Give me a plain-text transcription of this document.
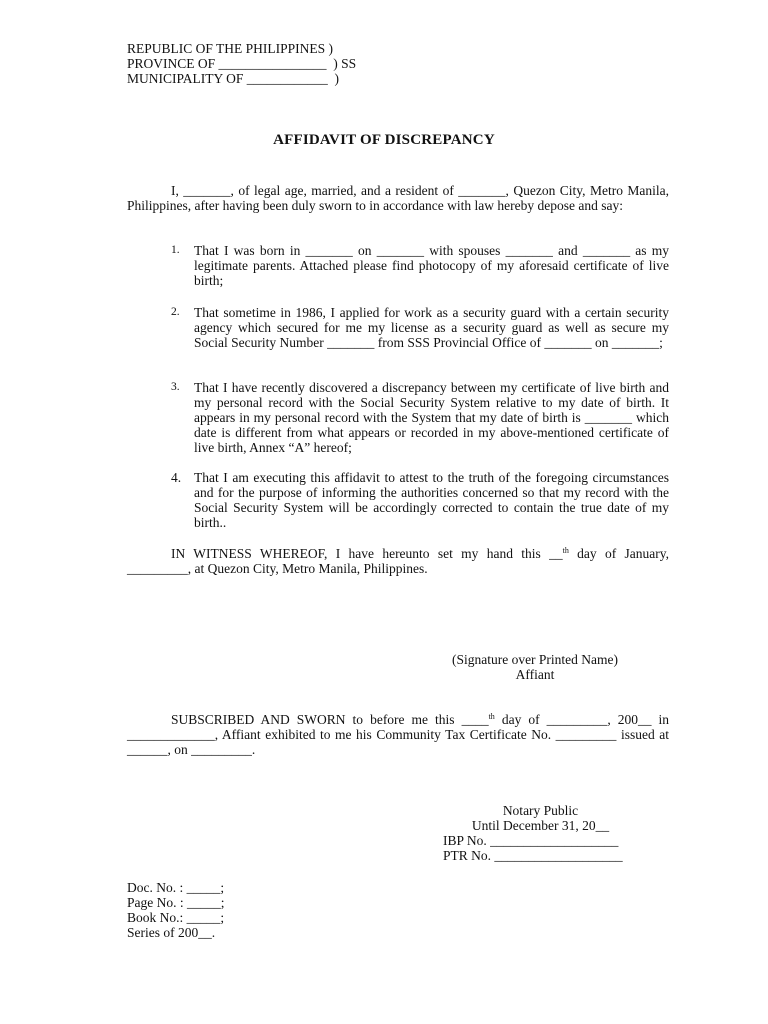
REPUBLIC OF THE PHILIPPINES )
PROVINCE OF ________________  ) SS
MUNICIPALITY OF ____________  )
AFFIDAVIT OF DISCREPANCY
I, _______, of legal age, married, and a resident of _______, Quezon City, Metro Manila, Philippines, after having been duly sworn to in accordance with law hereby depose and say:
1.	That I was born in _______ on _______ with spouses _______ and _______ as my legitimate parents. Attached please find photocopy of my aforesaid certificate of live birth;
2.	That sometime in 1986, I applied for work as a security guard with a certain security agency which secured for me my license as a security guard as well as secure my Social Security Number _______ from SSS Provincial Office of _______ on _______;
3.	That I have recently discovered a discrepancy between my certificate of live birth and my personal record with the Social Security System relative to my date of birth. It appears in my personal record with the System that my date of birth is _______ which date is different from what appears or recorded in my above-mentioned certificate of live birth, Annex “A” hereof;
4. That I am executing this affidavit to attest to the truth of the foregoing circumstances and for the purpose of informing the authorities concerned so that my record with the Social Security System will be accordingly corrected to contain the true date of my birth..
IN WITNESS WHEREOF, I have hereunto set my hand this __$^{th}$ day of January, _________, at Quezon City, Metro Manila, Philippines.
(Signature over Printed Name)
Affiant
SUBSCRIBED AND SWORN to before me this ____$^{th}$ day of _________, 200__ in _____________, Affiant exhibited to me his Community Tax Certificate No. _________ issued at ______, on _________.
Notary Public
Until December 31, 20__
IBP No. ___________________
PTR No. ___________________
Doc. No. : _____;
Page No. : _____;
Book No.: _____;
Series of 200__.
